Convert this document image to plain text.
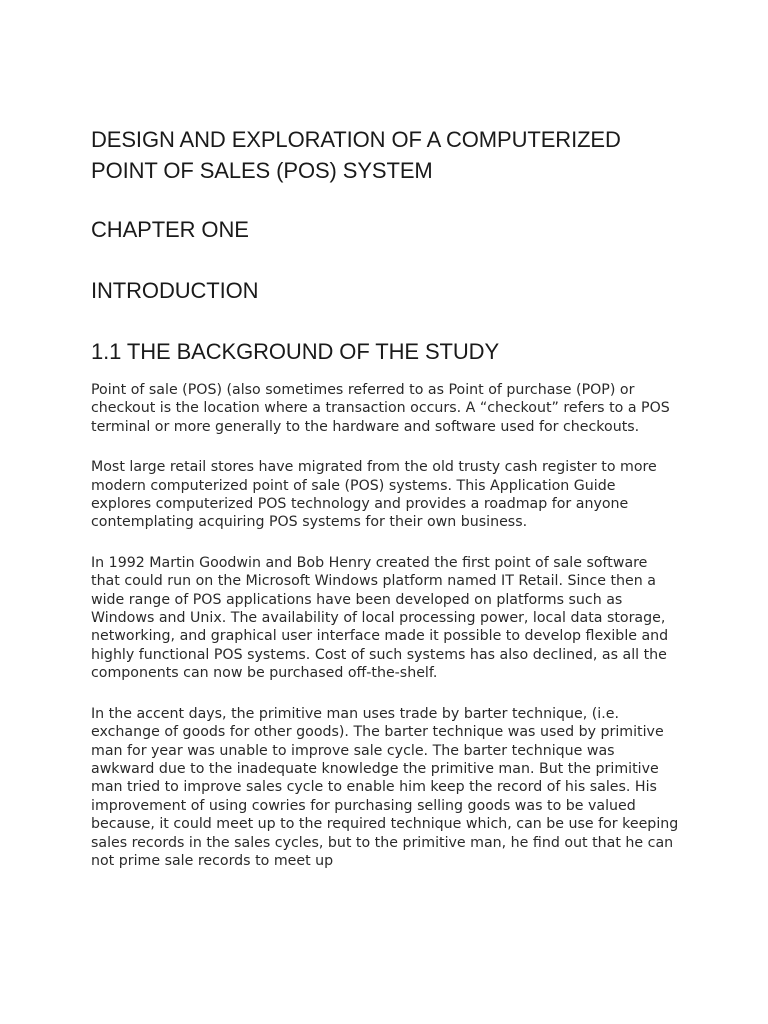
DESIGN AND EXPLORATION OF A COMPUTERIZED
POINT OF SALES (POS) SYSTEM
CHAPTER ONE
INTRODUCTION
1.1 THE BACKGROUND OF THE STUDY

Point of sale (POS) (also sometimes referred to as Point of purchase (POP) or checkout is the location where a transaction occurs. A “checkout” refers to a POS terminal or more generally to the hardware and software used for checkouts.

Most large retail stores have migrated from the old trusty cash register to more modern computerized point of sale (POS) systems. This Application Guide explores computerized POS technology and provides a roadmap for anyone contemplating acquiring POS systems for their own business.

In 1992 Martin Goodwin and Bob Henry created the first point of sale software that could run on the Microsoft Windows platform named IT Retail. Since then a wide range of POS applications have been developed on platforms such as Windows and Unix. The availability of local processing power, local data storage, networking, and graphical user interface made it possible to develop flexible and highly functional POS systems. Cost of such systems has also declined, as all the components can now be purchased off-the-shelf.

In the accent days, the primitive man uses trade by barter technique, (i.e. exchange of goods for other goods). The barter technique was used by primitive man for year was unable to improve sale cycle. The barter technique was awkward due to the inadequate knowledge the primitive man. But the primitive man tried to improve sales cycle to enable him keep the record of his sales. His improvement of using cowries for purchasing selling goods was to be valued because, it could meet up to the required technique which, can be use for keeping sales records in the sales cycles, but to the primitive man, he find out that he can not prime sale records to meet up
